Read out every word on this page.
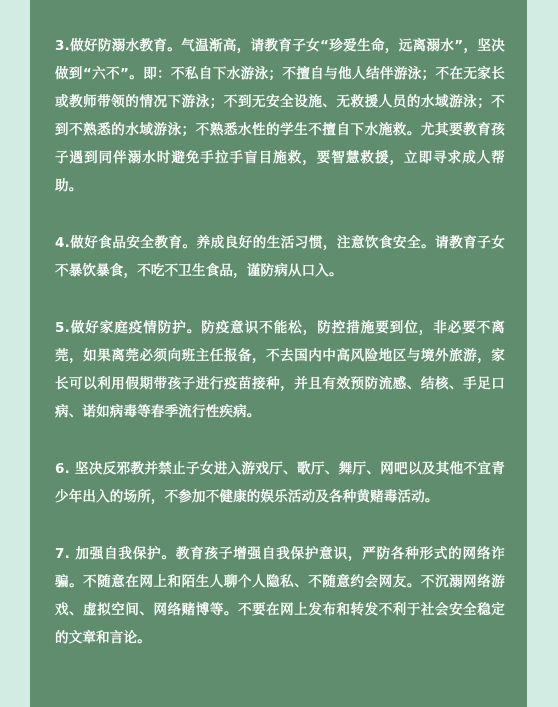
3.做好防溺水教育。气温渐高，请教育子女“珍爱生命，远离溺水”，坚决做到“六不”。即：不私自下水游泳；不擅自与他人结伴游泳；不在无家长或教师带领的情况下游泳；不到无安全设施、无救援人员的水域游泳；不到不熟悉的水域游泳；不熟悉水性的学生不擅自下水施救。尤其要教育孩子遇到同伴溺水时避免手拉手盲目施救，要智慧救援，立即寻求成人帮助。

4.做好食品安全教育。养成良好的生活习惯，注意饮食安全。请教育子女不暴饮暴食，不吃不卫生食品，谨防病从口入。

5.做好家庭疫情防护。防疫意识不能松，防控措施要到位，非必要不离莞，如果离莞必须向班主任报备，不去国内中高风险地区与境外旅游，家长可以利用假期带孩子进行疫苗接种，并且有效预防流感、结核、手足口病、诺如病毒等春季流行性疾病。

6. 坚决反邪教并禁止子女进入游戏厅、歌厅、舞厅、网吧以及其他不宜青少年出入的场所，不参加不健康的娱乐活动及各种黄赌毒活动。

7. 加强自我保护。教育孩子增强自我保护意识，严防各种形式的网络诈骗。不随意在网上和陌生人聊个人隐私、不随意约会网友。不沉溺网络游戏、虚拟空间、网络赌博等。不要在网上发布和转发不利于社会安全稳定的文章和言论。
